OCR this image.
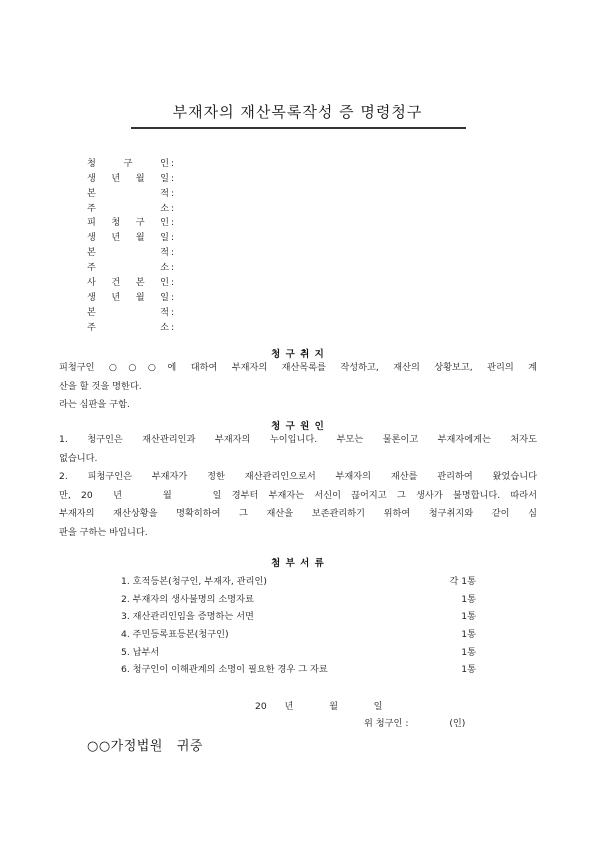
부재자의 재산목록작성 증 명령청구
청	구	인 :
생 년 월 일 :
본	적 :
주	소 :
피 청 구 인 :
생 년 월 일 :
본	적 :
주	소 :
사 건 본 인 :
생 년 월 일 :
본	적 :
주	소 :
청 구 취 지
피청구인 ○○○에 대하여 부재자의 재산목록를 작성하고, 재산의 상황보고, 관리의 계
산을 할 것을 명한다.
라는 심판을 구함.
청 구 원 인
1. 청구인은 재산관리인과 부재자의 누이입니다. 부모는 물론이고 부재자에게는 처자도
없습니다.
2. 피청구인은 부재자가 정한 재산관리인으로서 부재자의 재산를 관리하여 왔었습니다
만, 20  년    월    일 경부터 부재자는 서신이 끊어지고 그 생사가 불명합니다. 따라서
부재자의 재산상황을 명확히하여 그 재산을 보존관리하기 위하여 청구취지와 같이 심
판을 구하는 바입니다.
첨 부 서 류
1. 호적등본(청구인, 부재자, 관리인)	각 1통
2. 부재자의 생사불명의 소명자료	1통
3. 재산관리인임을 증명하는 서면	1통
4. 주민등록표등본(청구인)	1통
5. 납부서	1통
6. 청구인이 이해관계의 소명이 필요한 경우 그 자료	1통
20  년    월    일
위 청구인 :              (인)
○○가정법원   귀중
